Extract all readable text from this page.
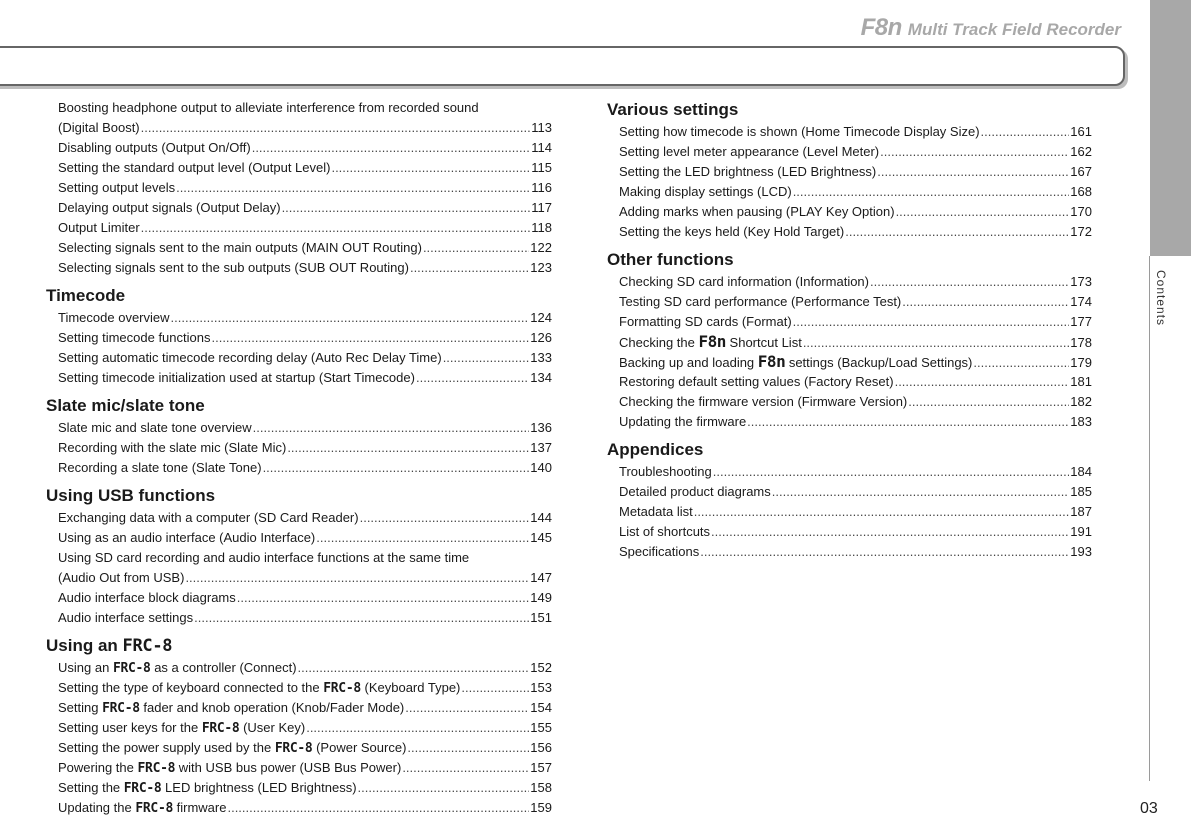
F8n Multi Track Field Recorder
Contents
03
Boosting headphone output to alleviate interference from recorded sound
(Digital Boost) .....	113
Disabling outputs (Output On/Off) .....	114
Setting the standard output level (Output Level) .....	115
Setting output levels .....	116
Delaying output signals (Output Delay) .....	117
Output Limiter .....	118
Selecting signals sent to the main outputs (MAIN OUT Routing) .....	122
Selecting signals sent to the sub outputs (SUB OUT Routing) .....	123
Timecode
Timecode overview .....	124
Setting timecode functions .....	126
Setting automatic timecode recording delay (Auto Rec Delay Time) .....	133
Setting timecode initialization used at startup (Start Timecode) .....	134
Slate mic/slate tone
Slate mic and slate tone overview .....	136
Recording with the slate mic (Slate Mic) .....	137
Recording a slate tone (Slate Tone) .....	140
Using USB functions
Exchanging data with a computer (SD Card Reader) .....	144
Using as an audio interface (Audio Interface) .....	145
Using SD card recording and audio interface functions at the same time
(Audio Out from USB) .....	147
Audio interface block diagrams .....	149
Audio interface settings .....	151
Using an FRC-8
Using an FRC-8 as a controller (Connect) .....	152
Setting the type of keyboard connected to the FRC-8 (Keyboard Type) .....	153
Setting FRC-8 fader and knob operation (Knob/Fader Mode) .....	154
Setting user keys for the FRC-8 (User Key) .....	155
Setting the power supply used by the FRC-8 (Power Source) .....	156
Powering the FRC-8 with USB bus power (USB Bus Power) .....	157
Setting the FRC-8 LED brightness (LED Brightness) .....	158
Updating the FRC-8 firmware .....	159
Various settings
Setting how timecode is shown (Home Timecode Display Size) .....	161
Setting level meter appearance (Level Meter) .....	162
Setting the LED brightness (LED Brightness) .....	167
Making display settings (LCD) .....	168
Adding marks when pausing (PLAY Key Option) .....	170
Setting the keys held (Key Hold Target) .....	172
Other functions
Checking SD card information (Information) .....	173
Testing SD card performance (Performance Test) .....	174
Formatting SD cards (Format) .....	177
Checking the F8n Shortcut List .....	178
Backing up and loading F8n settings (Backup/Load Settings) .....	179
Restoring default setting values (Factory Reset) .....	181
Checking the firmware version (Firmware Version) .....	182
Updating the firmware .....	183
Appendices
Troubleshooting .....	184
Detailed product diagrams .....	185
Metadata list .....	187
List of shortcuts .....	191
Specifications .....	193
